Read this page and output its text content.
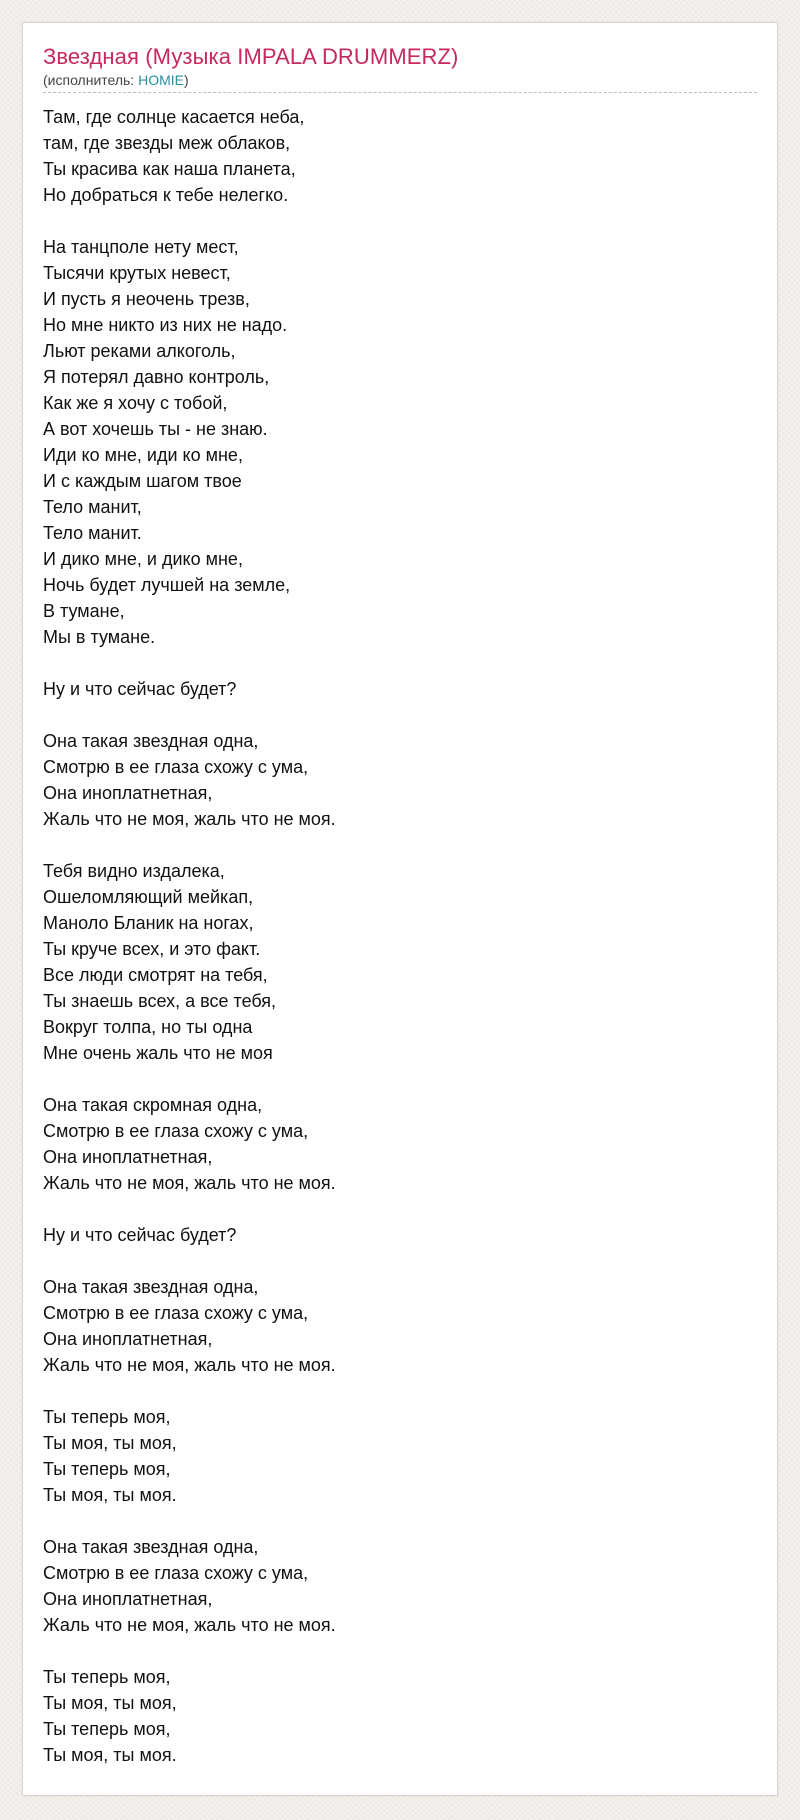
Звездная (Музыка IMPALA DRUMMERZ)
(исполнитель: HOMIE)
Там, где солнце касается неба,
там, где звезды меж облаков,
Ты красива как наша планета,
Но добраться к тебе нелегко.
На танцполе нету мест,
Тысячи крутых невест,
И пусть я неочень трезв,
Но мне никто из них не надо.
Льют реками алкоголь,
Я потерял давно контроль,
Как же я хочу с тобой,
А вот хочешь ты - не знаю.
Иди ко мне, иди ко мне,
И с каждым шагом твое
Тело манит,
Тело манит.
И дико мне, и дико мне,
Ночь будет лучшей на земле,
В тумане,
Мы в тумане.
Ну и что сейчас будет?
Она такая звездная одна,
Смотрю в ее глаза схожу с ума,
Она иноплатнетная,
Жаль что не моя, жаль что не моя.
Тебя видно издалека,
Ошеломляющий мейкап,
Маноло Бланик на ногах,
Ты круче всех, и это факт.
Все люди смотрят на тебя,
Ты знаешь всех, а все тебя,
Вокруг толпа, но ты одна
Мне очень жаль что не моя
Она такая скромная одна,
Смотрю в ее глаза схожу с ума,
Она иноплатнетная,
Жаль что не моя, жаль что не моя.
Ну и что сейчас будет?
Она такая звездная одна,
Смотрю в ее глаза схожу с ума,
Она иноплатнетная,
Жаль что не моя, жаль что не моя.
Ты теперь моя,
Ты моя, ты моя,
Ты теперь моя,
Ты моя, ты моя.
Она такая звездная одна,
Смотрю в ее глаза схожу с ума,
Она иноплатнетная,
Жаль что не моя, жаль что не моя.
Ты теперь моя,
Ты моя, ты моя,
Ты теперь моя,
Ты моя, ты моя.
